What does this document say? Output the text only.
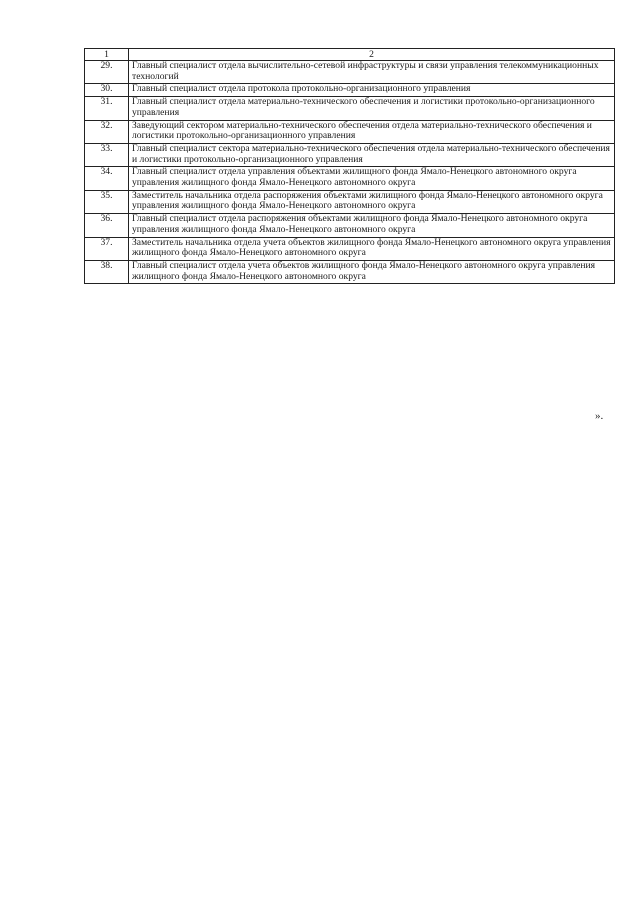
1	2
29.	Главный специалист отдела вычислительно-сетевой инфраструктуры и связи управления телекоммуникационных технологий
30.	Главный специалист отдела протокола протокольно-организационного управления
31.	Главный специалист отдела материально-технического обеспечения и логистики протокольно-организационного управления
32.	Заведующий сектором материально-технического обеспечения отдела материально-технического обеспечения и логистики протокольно-организационного управления
33.	Главный специалист сектора материально-технического обеспечения отдела материально-технического обеспечения и логистики протокольно-организационного управления
34.	Главный специалист отдела управления объектами жилищного фонда Ямало-Ненецкого автономного округа управления жилищного фонда Ямало-Ненецкого автономного округа
35.	Заместитель начальника отдела распоряжения объектами жилищного фонда Ямало-Ненецкого автономного округа управления жилищного фонда Ямало-Ненецкого автономного округа
36.	Главный специалист отдела распоряжения объектами жилищного фонда Ямало-Ненецкого автономного округа управления жилищного фонда Ямало-Ненецкого автономного округа
37.	Заместитель начальника отдела учета объектов жилищного фонда Ямало-Ненецкого автономного округа управления жилищного фонда Ямало-Ненецкого автономного округа
38.	Главный специалист отдела учета объектов жилищного фонда Ямало-Ненецкого автономного округа управления жилищного фонда Ямало-Ненецкого автономного округа
».
